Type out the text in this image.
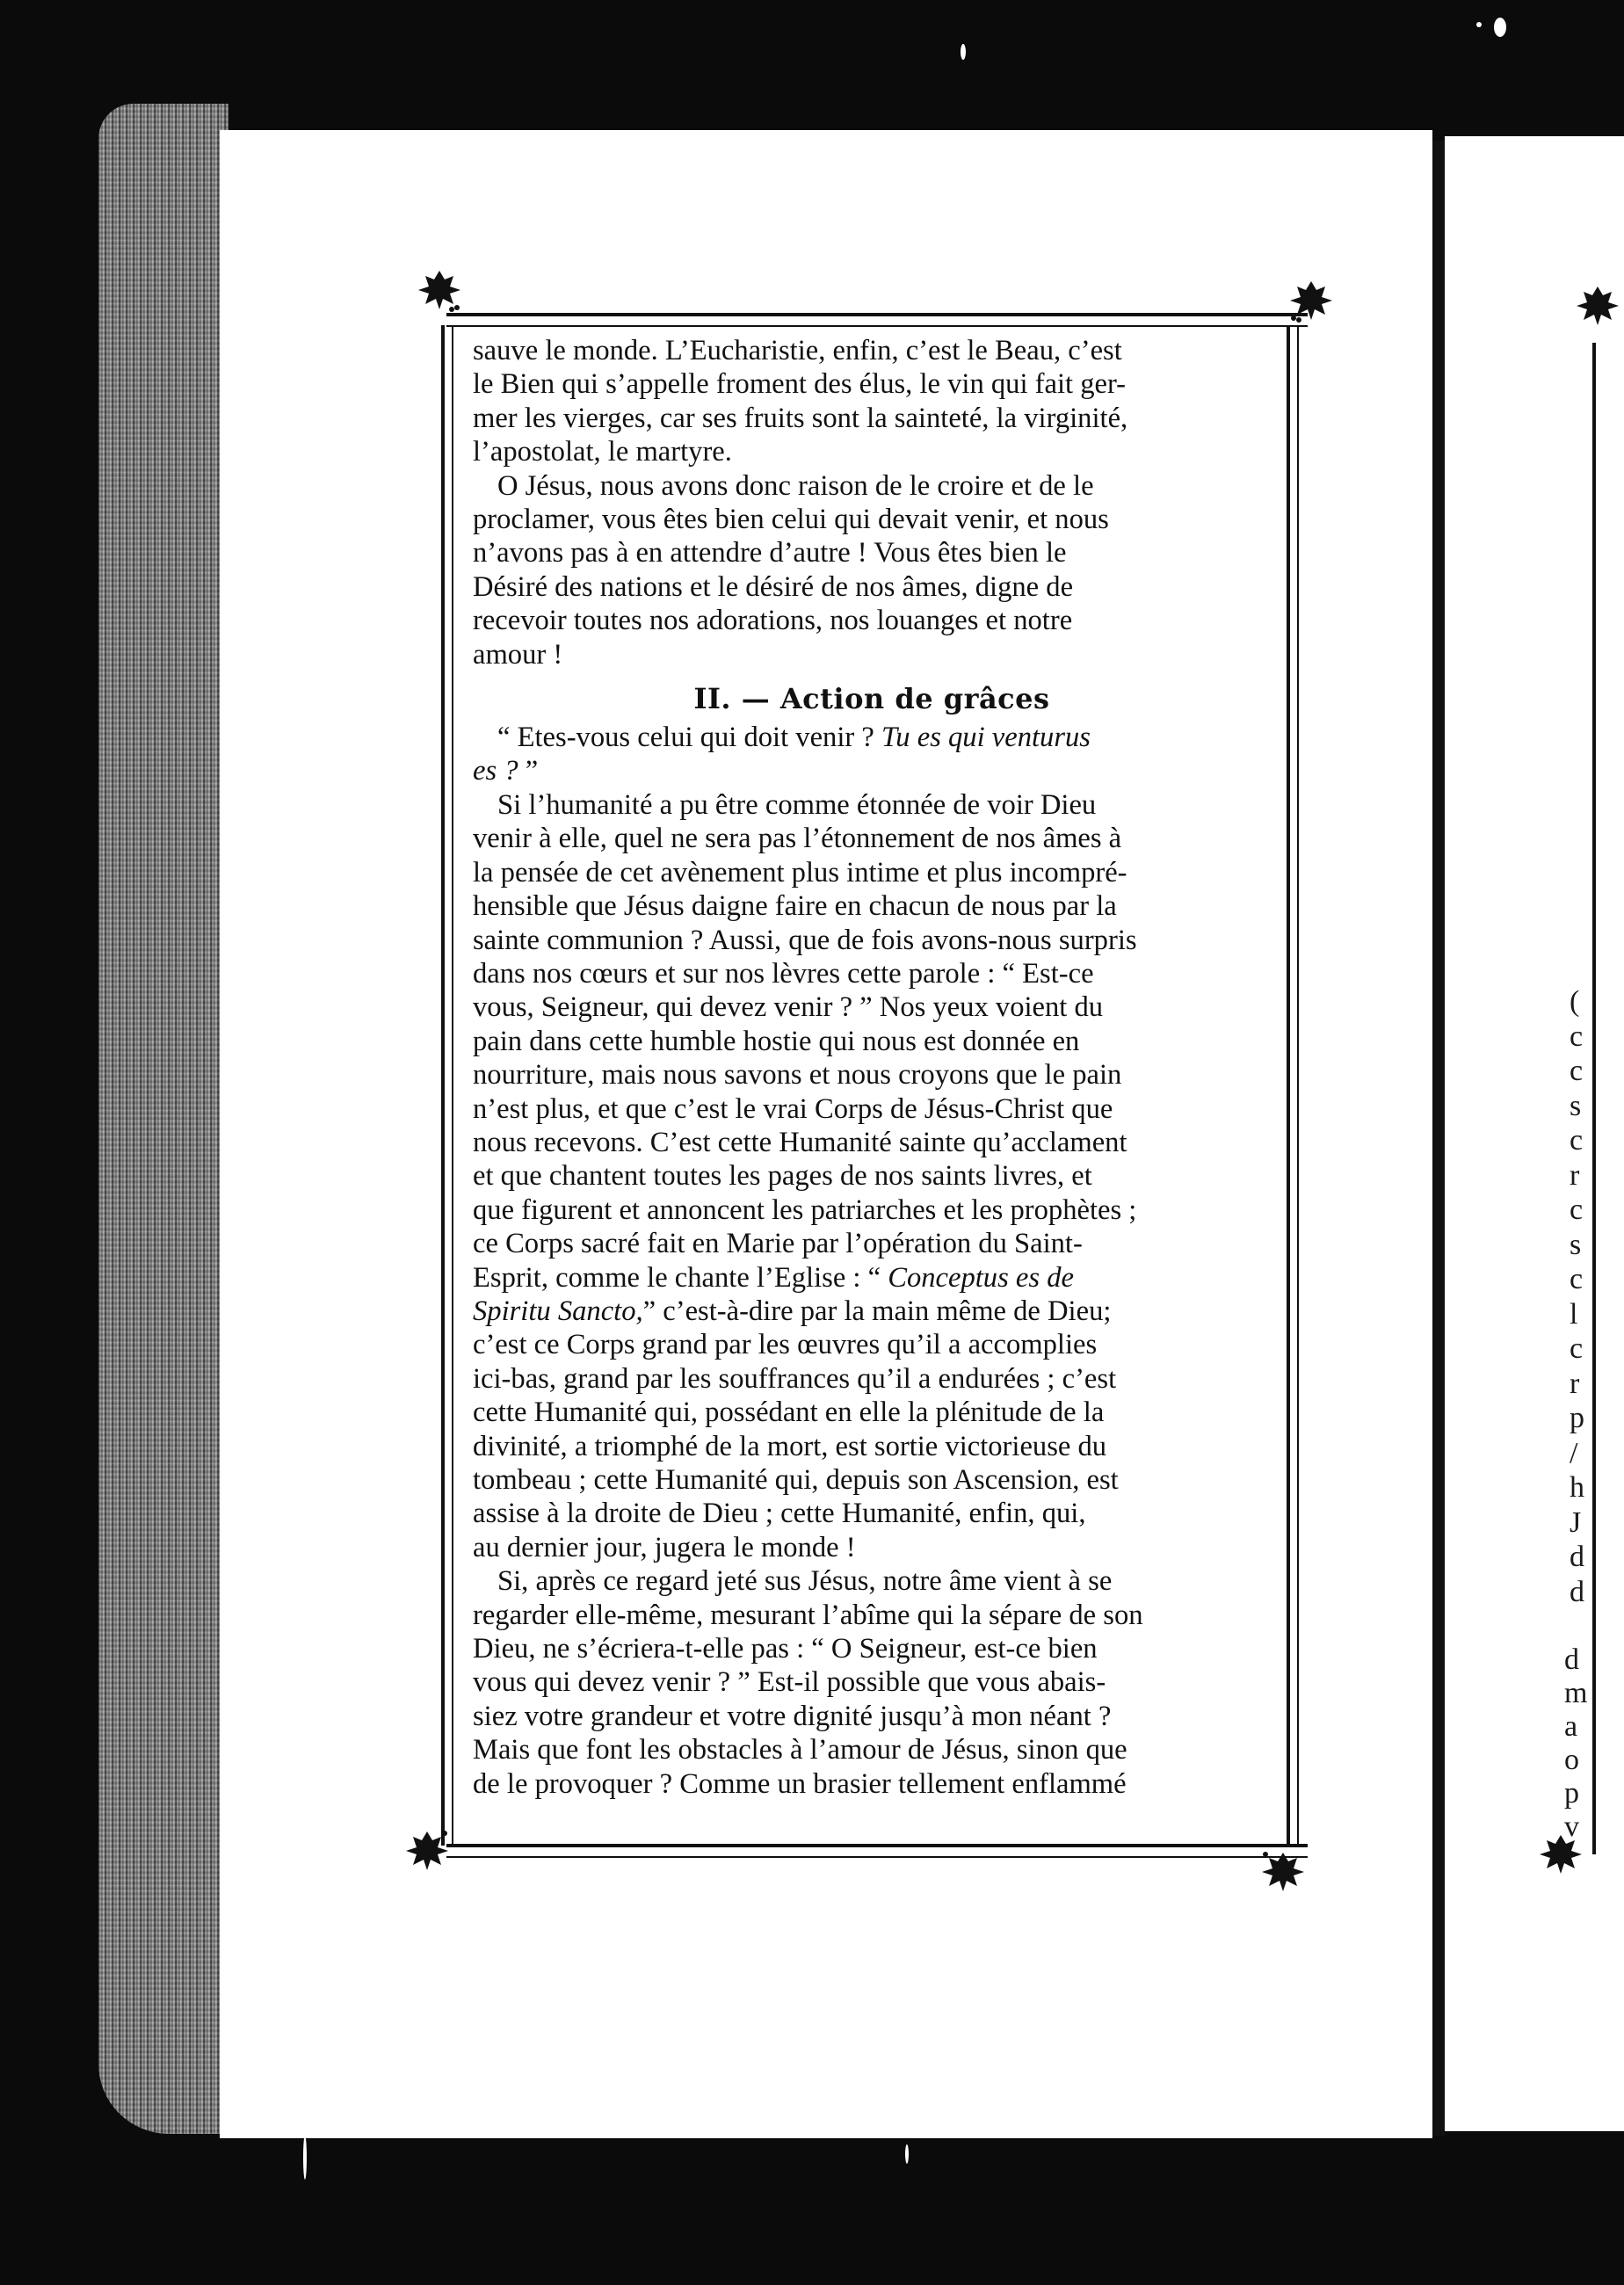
(
c
c
s
c
r
c
s
c
l
c
r
p
/
h
J
d
d
d
m
a
o
p
v

sauve le monde. L’Eucharistie, enfin, c’est le Beau, c’est
le Bien qui s’appelle froment des élus, le vin qui fait ger-
mer les vierges, car ses fruits sont la sainteté, la virginité,
l’apostolat, le martyre.

O Jésus, nous avons donc raison de le croire et de le
proclamer, vous êtes bien celui qui devait venir, et nous
n’avons pas à en attendre d’autre ! Vous êtes bien le
Désiré des nations et le désiré de nos âmes, digne de
recevoir toutes nos adorations, nos louanges et notre
amour !

II. — Action de grâces

“ Etes-vous celui qui doit venir ? Tu es qui venturus
es ? ”

Si l’humanité a pu être comme étonnée de voir Dieu
venir à elle, quel ne sera pas l’étonnement de nos âmes à
la pensée de cet avènement plus intime et plus incompré-
hensible que Jésus daigne faire en chacun de nous par la
sainte communion ? Aussi, que de fois avons-nous surpris
dans nos cœurs et sur nos lèvres cette parole : “ Est-ce
vous, Seigneur, qui devez venir ? ” Nos yeux voient du
pain dans cette humble hostie qui nous est donnée en
nourriture, mais nous savons et nous croyons que le pain
n’est plus, et que c’est le vrai Corps de Jésus-Christ que
nous recevons. C’est cette Humanité sainte qu’acclament
et que chantent toutes les pages de nos saints livres, et
que figurent et annoncent les patriarches et les prophètes ;
ce Corps sacré fait en Marie par l’opération du Saint-
Esprit, comme le chante l’Eglise : “ Conceptus es de
Spiritu Sancto,” c’est-à-dire par la main même de Dieu;
c’est ce Corps grand par les œuvres qu’il a accomplies
ici-bas, grand par les souffrances qu’il a endurées ; c’est
cette Humanité qui, possédant en elle la plénitude de la
divinité, a triomphé de la mort, est sortie victorieuse du
tombeau ; cette Humanité qui, depuis son Ascension, est
assise à la droite de Dieu ; cette Humanité, enfin, qui,
au dernier jour, jugera le monde !

Si, après ce regard jeté sus Jésus, notre âme vient à se
regarder elle-même, mesurant l’abîme qui la sépare de son
Dieu, ne s’écriera-t-elle pas : “ O Seigneur, est-ce bien
vous qui devez venir ? ” Est-il possible que vous abais-
siez votre grandeur et votre dignité jusqu’à mon néant ?
Mais que font les obstacles à l’amour de Jésus, sinon que
de le provoquer ? Comme un brasier tellement enflammé
